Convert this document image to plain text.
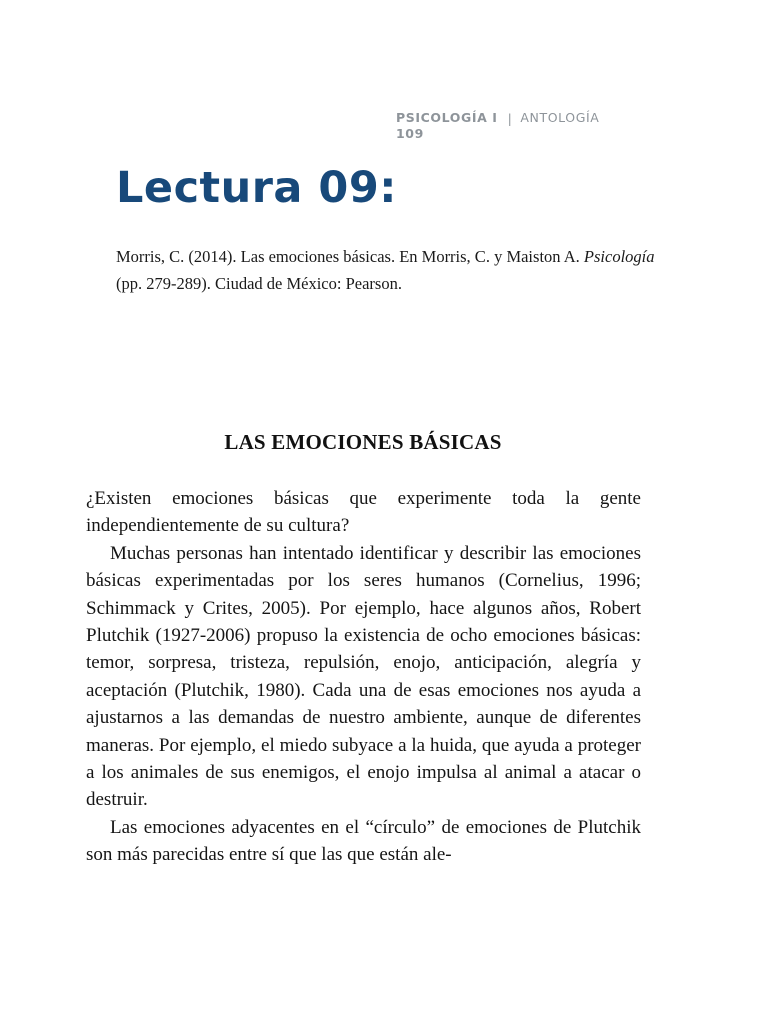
PSICOLOGÍA I | ANTOLOGÍA
109
Lectura 09:

Morris, C. (2014). Las emociones básicas. En Morris, C. y Maiston A. Psicología (pp. 279-289). Ciudad de México: Pearson.

LAS EMOCIONES BÁSICAS

¿Existen emociones básicas que experimente toda la gente independientemente de su cultura?

Muchas personas han intentado identificar y describir las emociones básicas experimentadas por los seres humanos (Cornelius, 1996; Schimmack y Crites, 2005). Por ejemplo, hace algunos años, Robert Plutchik (1927-2006) propuso la existencia de ocho emociones básicas: temor, sorpresa, tristeza, repulsión, enojo, anticipación, alegría y aceptación (Plutchik, 1980). Cada una de esas emociones nos ayuda a ajustarnos a las demandas de nuestro ambiente, aunque de diferentes maneras. Por ejemplo, el miedo subyace a la huida, que ayuda a proteger a los animales de sus enemigos, el enojo impulsa al animal a atacar o destruir.

Las emociones adyacentes en el “círculo” de emociones de Plutchik son más parecidas entre sí que las que están ale-
